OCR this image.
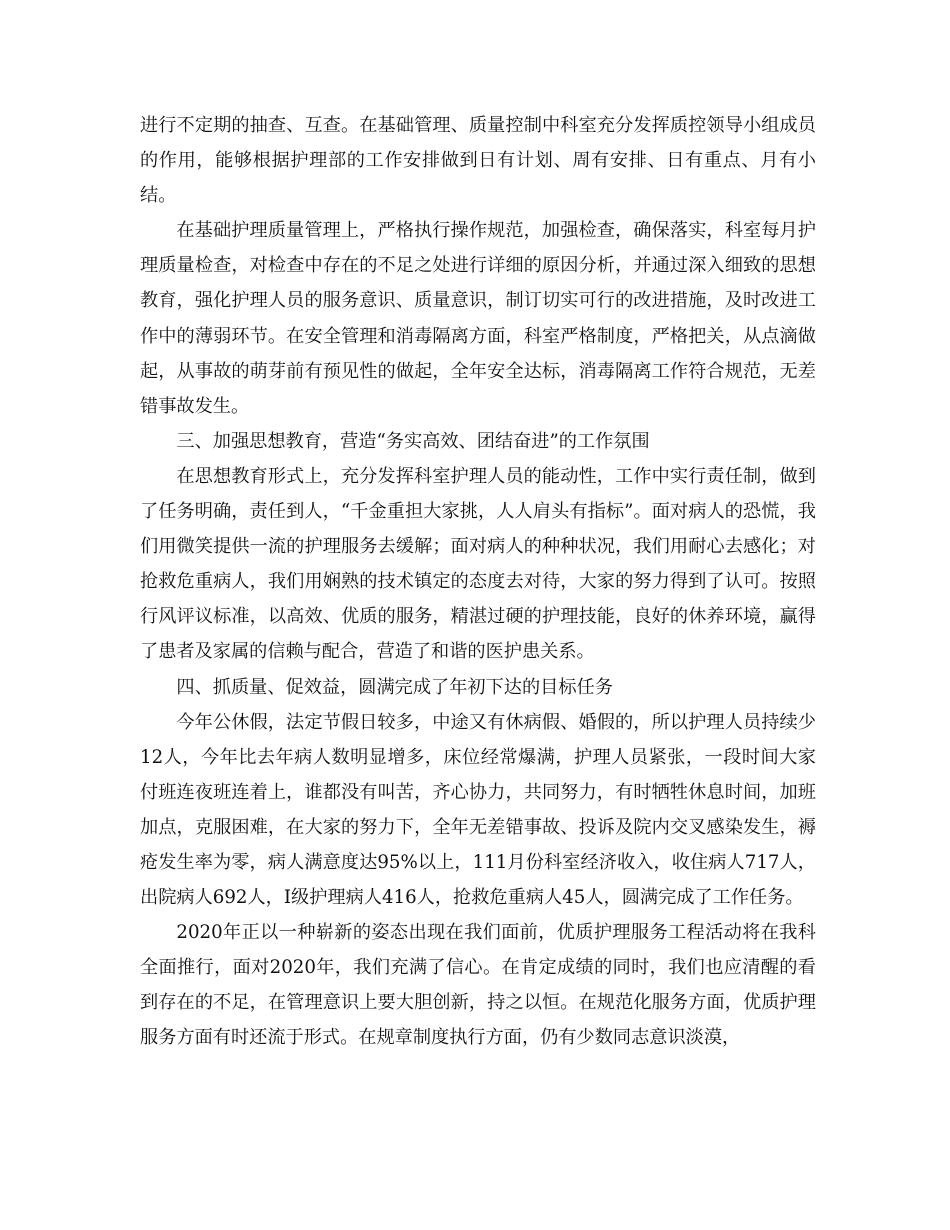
进行不定期的抽查、互查。在基础管理、质量控制中科室充分发挥质控领导小组成员的作用，能够根据护理部的工作安排做到日有计划、周有安排、日有重点、月有小结。

在基础护理质量管理上，严格执行操作规范，加强检查，确保落实，科室每月护理质量检查，对检查中存在的不足之处进行详细的原因分析，并通过深入细致的思想教育，强化护理人员的服务意识、质量意识，制订切实可行的改进措施，及时改进工作中的薄弱环节。在安全管理和消毒隔离方面，科室严格制度，严格把关，从点滴做起，从事故的萌芽前有预见性的做起，全年安全达标，消毒隔离工作符合规范，无差错事故发生。

三、加强思想教育，营造“务实高效、团结奋进”的工作氛围

在思想教育形式上，充分发挥科室护理人员的能动性，工作中实行责任制，做到了任务明确，责任到人，“千金重担大家挑，人人肩头有指标”。面对病人的恐慌，我们用微笑提供一流的护理服务去缓解；面对病人的种种状况，我们用耐心去感化；对抢救危重病人，我们用娴熟的技术镇定的态度去对待，大家的努力得到了认可。按照行风评议标准，以高效、优质的服务，精湛过硬的护理技能，良好的休养环境，赢得了患者及家属的信赖与配合，营造了和谐的医护患关系。

四、抓质量、促效益，圆满完成了年初下达的目标任务

今年公休假，法定节假日较多，中途又有休病假、婚假的，所以护理人员持续少12人，今年比去年病人数明显增多，床位经常爆满，护理人员紧张，一段时间大家付班连夜班连着上，谁都没有叫苦，齐心协力，共同努力，有时牺牲休息时间，加班加点，克服困难，在大家的努力下，全年无差错事故、投诉及院内交叉感染发生，褥疮发生率为零，病人满意度达95%以上，111月份科室经济收入，收住病人717人，出院病人692人，Ⅰ级护理病人416人，抢救危重病人45人，圆满完成了工作任务。

2020年正以一种崭新的姿态出现在我们面前，优质护理服务工程活动将在我科全面推行，面对2020年，我们充满了信心。在肯定成绩的同时，我们也应清醒的看到存在的不足，在管理意识上要大胆创新，持之以恒。在规范化服务方面，优质护理服务方面有时还流于形式。在规章制度执行方面，仍有少数同志意识淡漠，
